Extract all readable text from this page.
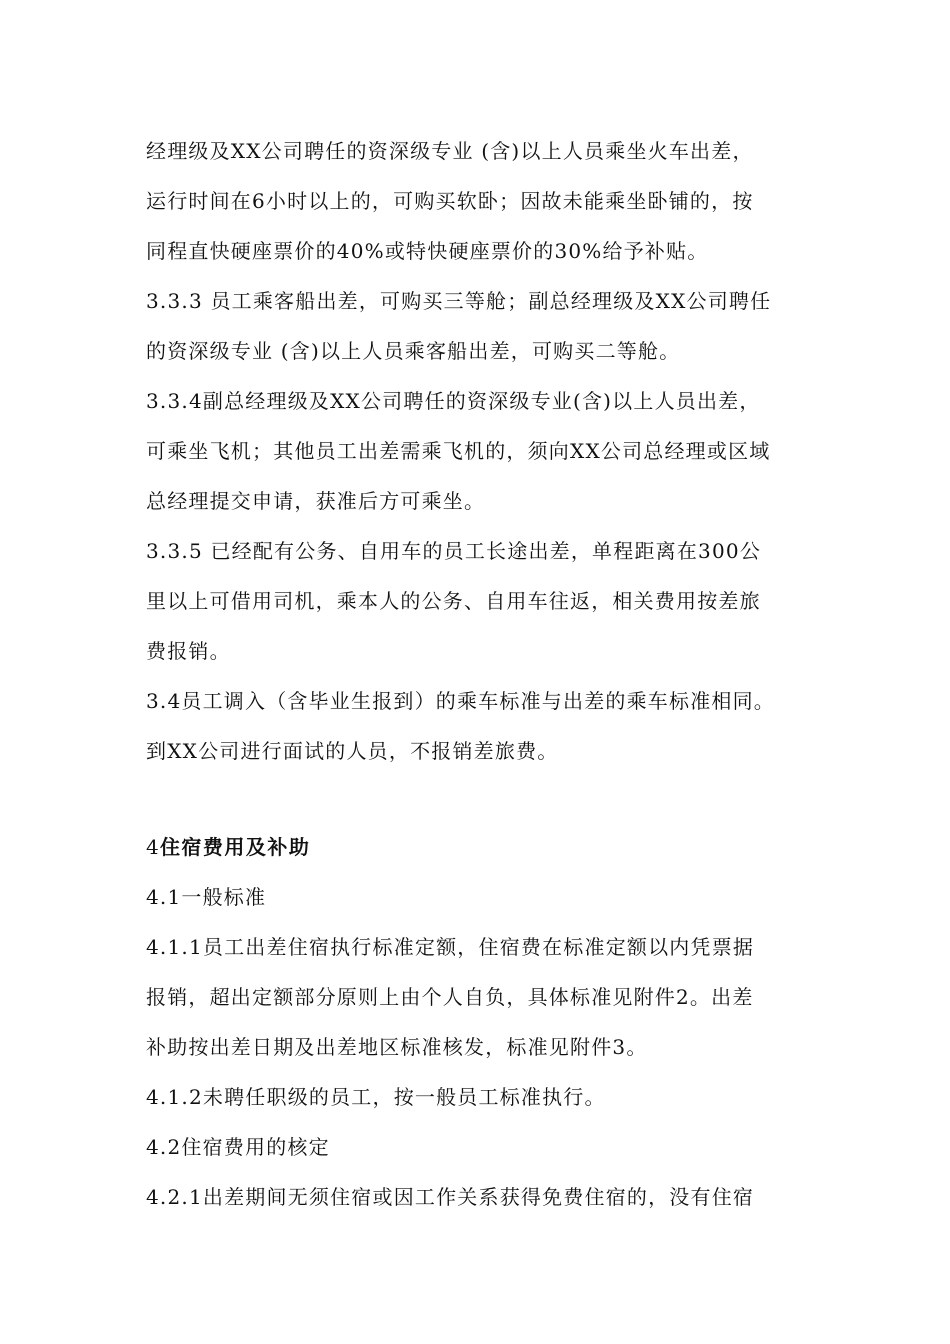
经理级及XX公司聘任的资深级专业 (含)以上人员乘坐火车出差，
运行时间在6小时以上的，可购买软卧；因故未能乘坐卧铺的，按
同程直快硬座票价的40%或特快硬座票价的30%给予补贴。
3.3.3 员工乘客船出差，可购买三等舱；副总经理级及XX公司聘任
的资深级专业 (含)以上人员乘客船出差，可购买二等舱。
3.3.4副总经理级及XX公司聘任的资深级专业(含)以上人员出差，
可乘坐飞机；其他员工出差需乘飞机的，须向XX公司总经理或区域
总经理提交申请，获准后方可乘坐。
3.3.5 已经配有公务、自用车的员工长途出差，单程距离在300公
里以上可借用司机，乘本人的公务、自用车往返，相关费用按差旅
费报销。
3.4员工调入（含毕业生报到）的乘车标准与出差的乘车标准相同。
到XX公司进行面试的人员，不报销差旅费。
4住宿费用及补助
4.1一般标准
4.1.1员工出差住宿执行标准定额，住宿费在标准定额以内凭票据
报销，超出定额部分原则上由个人自负，具体标准见附件2。出差
补助按出差日期及出差地区标准核发，标准见附件3。
4.1.2未聘任职级的员工，按一般员工标准执行。
4.2住宿费用的核定
4.2.1出差期间无须住宿或因工作关系获得免费住宿的，没有住宿
